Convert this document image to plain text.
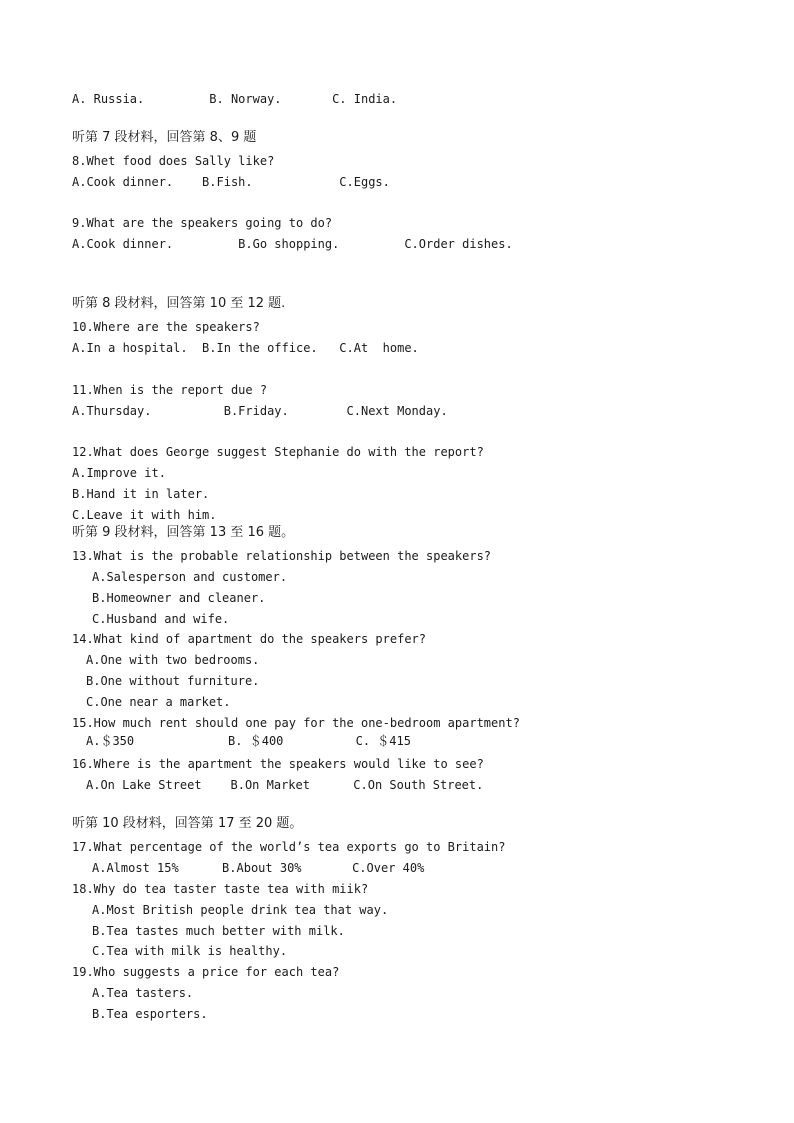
A. Russia.         B. Norway.       C. India.
听第 7 段材料，回答第 8、9 题
8.Whet food does Sally like?
A.Cook dinner.    B.Fish.            C.Eggs.
9.What are the speakers going to do?
A.Cook dinner.         B.Go shopping.         C.Order dishes.
听第 8 段材料，回答第 10 至 12 题.
10.Where are the speakers?
A.In a hospital.  B.In the office.   C.At  home.
11.When is the report due ?
A.Thursday.          B.Friday.        C.Next Monday.
12.What does George suggest Stephanie do with the report?
A.Improve it.
B.Hand it in later.
C.Leave it with him.
听第 9 段材料，回答第 13 至 16 题。
13.What is the probable relationship between the speakers?
A.Salesperson and customer.
B.Homeowner and cleaner.
C.Husband and wife.
14.What kind of apartment do the speakers prefer?
A.One with two bedrooms.
B.One without furniture.
C.One near a market.
15.How much rent should one pay for the one-bedroom apartment?
A.＄350             B. ＄400          C. ＄415
16.Where is the apartment the speakers would like to see?
A.On Lake Street    B.On Market      C.On South Street.
听第 10 段材料，回答第 17 至 20 题。
17.What percentage of the world’s tea exports go to Britain?
A.Almost 15%      B.About 30%       C.Over 40%
18.Why do tea taster taste tea with miik?
A.Most British people drink tea that way.
B.Tea tastes much better with milk.
C.Tea with milk is healthy.
19.Who suggests a price for each tea?
A.Tea tasters.
B.Tea esporters.
